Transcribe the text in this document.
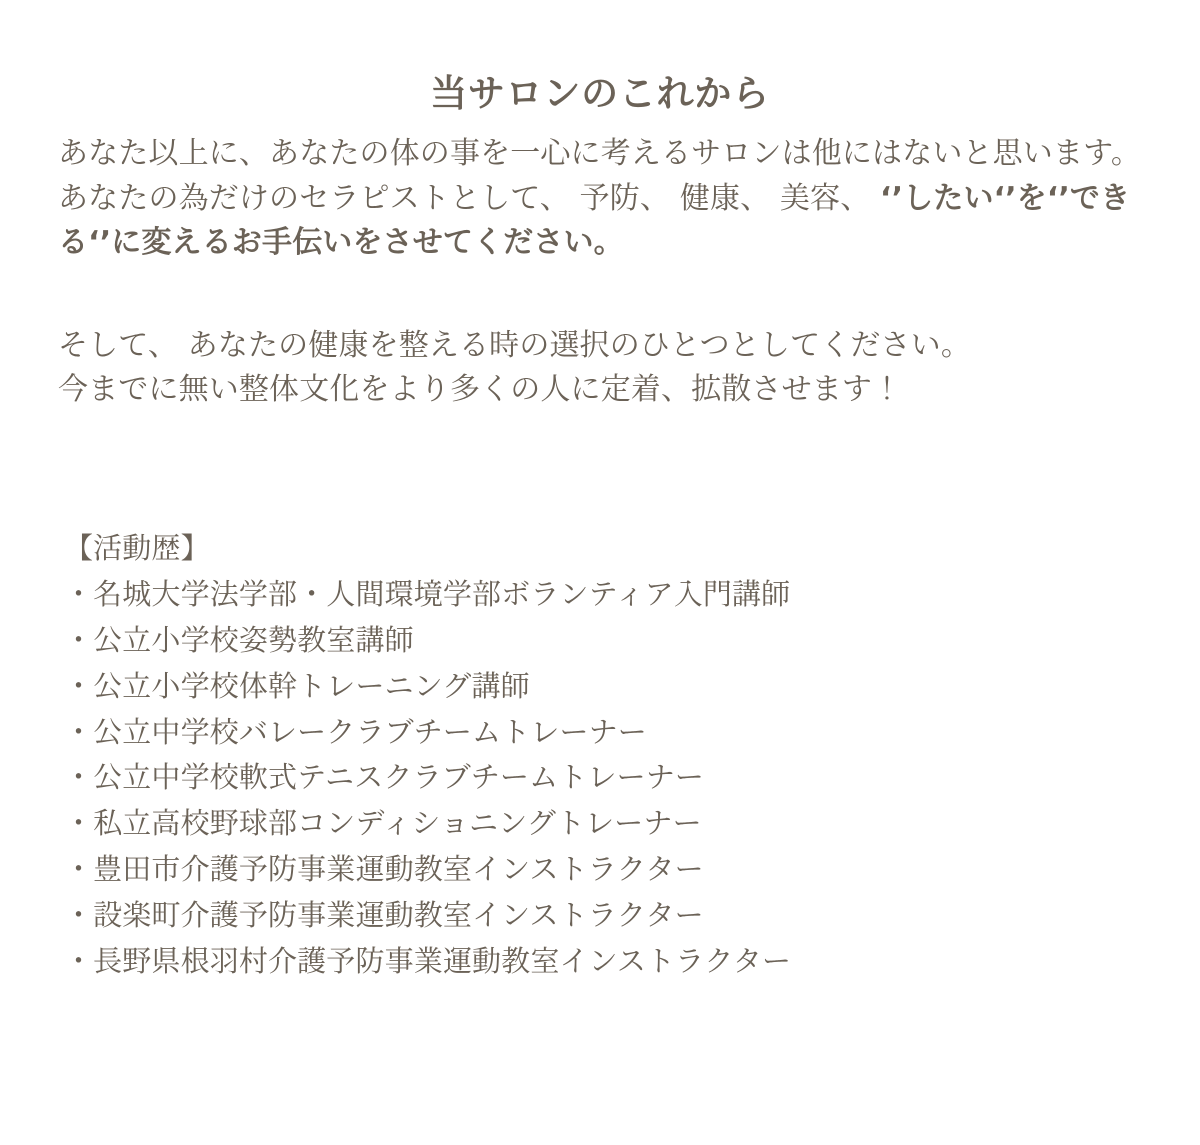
当サロンのこれから

あなた以上に、あなたの体の事を一心に考えるサロンは他にはないと思います。

あなたの為だけのセラピストとして、 予防、 健康、 美容、 ‘’したい‘’を‘’できる‘’に変えるお手伝いをさせてください。

そして、 あなたの健康を整える時の選択のひとつとしてください。

今までに無い整体文化をより多くの人に定着、拡散させます！

【活動歴】

・名城大学法学部・人間環境学部ボランティア入門講師

・公立小学校姿勢教室講師

・公立小学校体幹トレーニング講師

・公立中学校バレークラブチームトレーナー

・公立中学校軟式テニスクラブチームトレーナー

・私立高校野球部コンディショニングトレーナー

・豊田市介護予防事業運動教室インストラクター

・設楽町介護予防事業運動教室インストラクター

・長野県根羽村介護予防事業運動教室インストラクター
